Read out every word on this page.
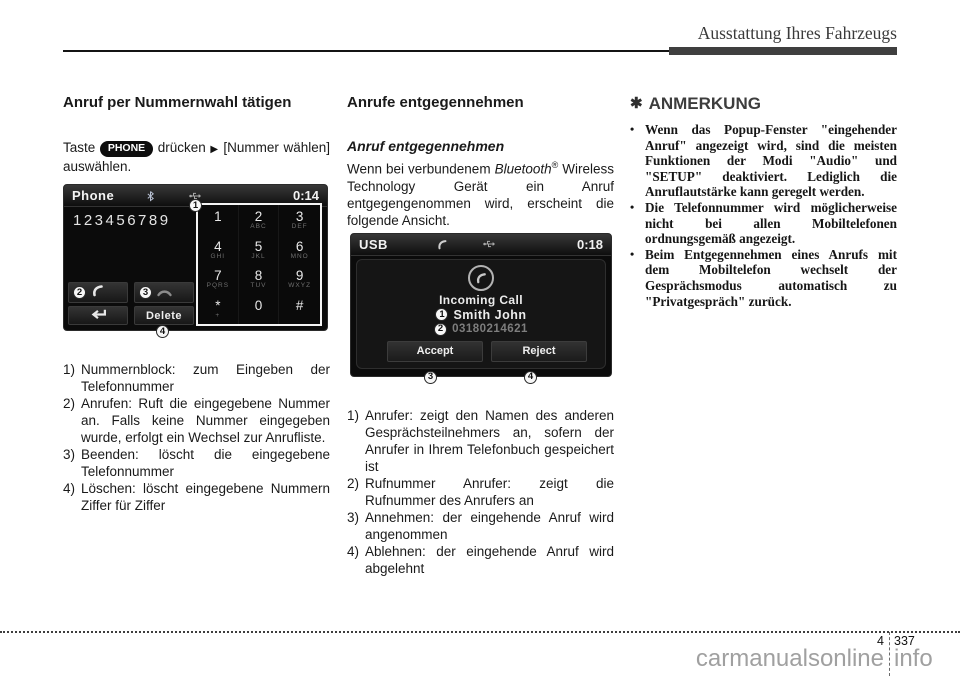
Ausstattung Ihres Fahrzeugs
Anruf per Nummernwahl tätigen

Taste PHONE drücken ▶ [Nummer wählen] auswählen.

Phone	0:14
123456789	1 2
ABC
3
DEF
4
GHI
5
JKL
6
MNO
7
PQRS
8
TUV
9
WXYZ
*
+
0 #
1
2	3
Delete
4
1) Nummernblock: zum Eingeben der Telefonnummer
2) Anrufen: Ruft die eingegebene Nummer an. Falls keine Nummer eingegeben wurde, erfolgt ein Wechsel zur Anrufliste.
3) Beenden: löscht die eingegebene Telefonnummer
4) Löschen: löscht eingegebene Nummern Ziffer für Ziffer
Anrufe entgegennehmen
Anruf entgegennehmen

Wenn bei verbundenem Bluetooth® Wireless Technology Gerät ein Anruf entgegengenommen wird, erscheint die folgende Ansicht.

USB	0:18
Incoming Call
1 Smith John
2 03180214621
Accept	Reject
3	4
1) Anrufer: zeigt den Namen des anderen Gesprächsteilnehmers an, sofern der Anrufer in Ihrem Telefonbuch gespeichert ist
2) Rufnummer Anrufer: zeigt die Rufnummer des Anrufers an
3) Annehmen: der eingehende Anruf wird angenommen
4) Ablehnen: der eingehende Anruf wird abgelehnt
✱ ANMERKUNG
• Wenn das Popup-Fenster "eingehender Anruf" angezeigt wird, sind die meisten Funktionen der Modi "Audio" und "SETUP" deaktiviert. Lediglich die Anruflautstärke kann geregelt werden.
• Die Telefonnummer wird möglicherweise nicht bei allen Mobiltelefonen ordnungsgemäß angezeigt.
• Beim Entgegennehmen eines Anrufs mit dem Mobiltelefon wechselt der Gesprächsmodus automatisch zu "Privatgespräch" zurück.
4 337
carmanualsonline info
